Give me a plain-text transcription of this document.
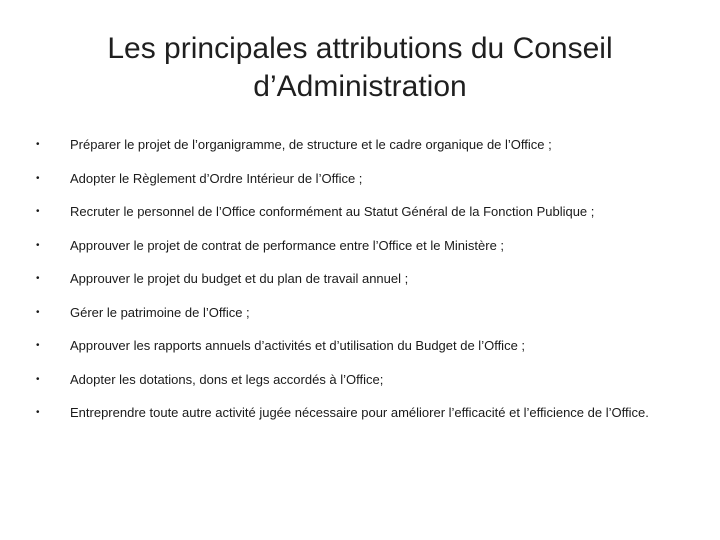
Les principales attributions du Conseil
d’Administration
•	Préparer le projet de l’organigramme, de structure et le cadre organique de l’Office ;
•	Adopter le Règlement d’Ordre Intérieur de l’Office ;
•	Recruter le personnel de l’Office conformément au Statut Général de la Fonction Publique ;
•	Approuver le projet de contrat de performance entre l’Office et le Ministère ;
•	Approuver le projet du budget et du plan de travail annuel ;
•	Gérer le patrimoine de l’Office ;
•	Approuver les rapports annuels d’activités et d’utilisation du Budget de l’Office ;
•	Adopter les dotations, dons et legs accordés à l’Office;
•	Entreprendre toute autre activité jugée nécessaire pour améliorer l’efficacité et l’efficience de l’Office.
